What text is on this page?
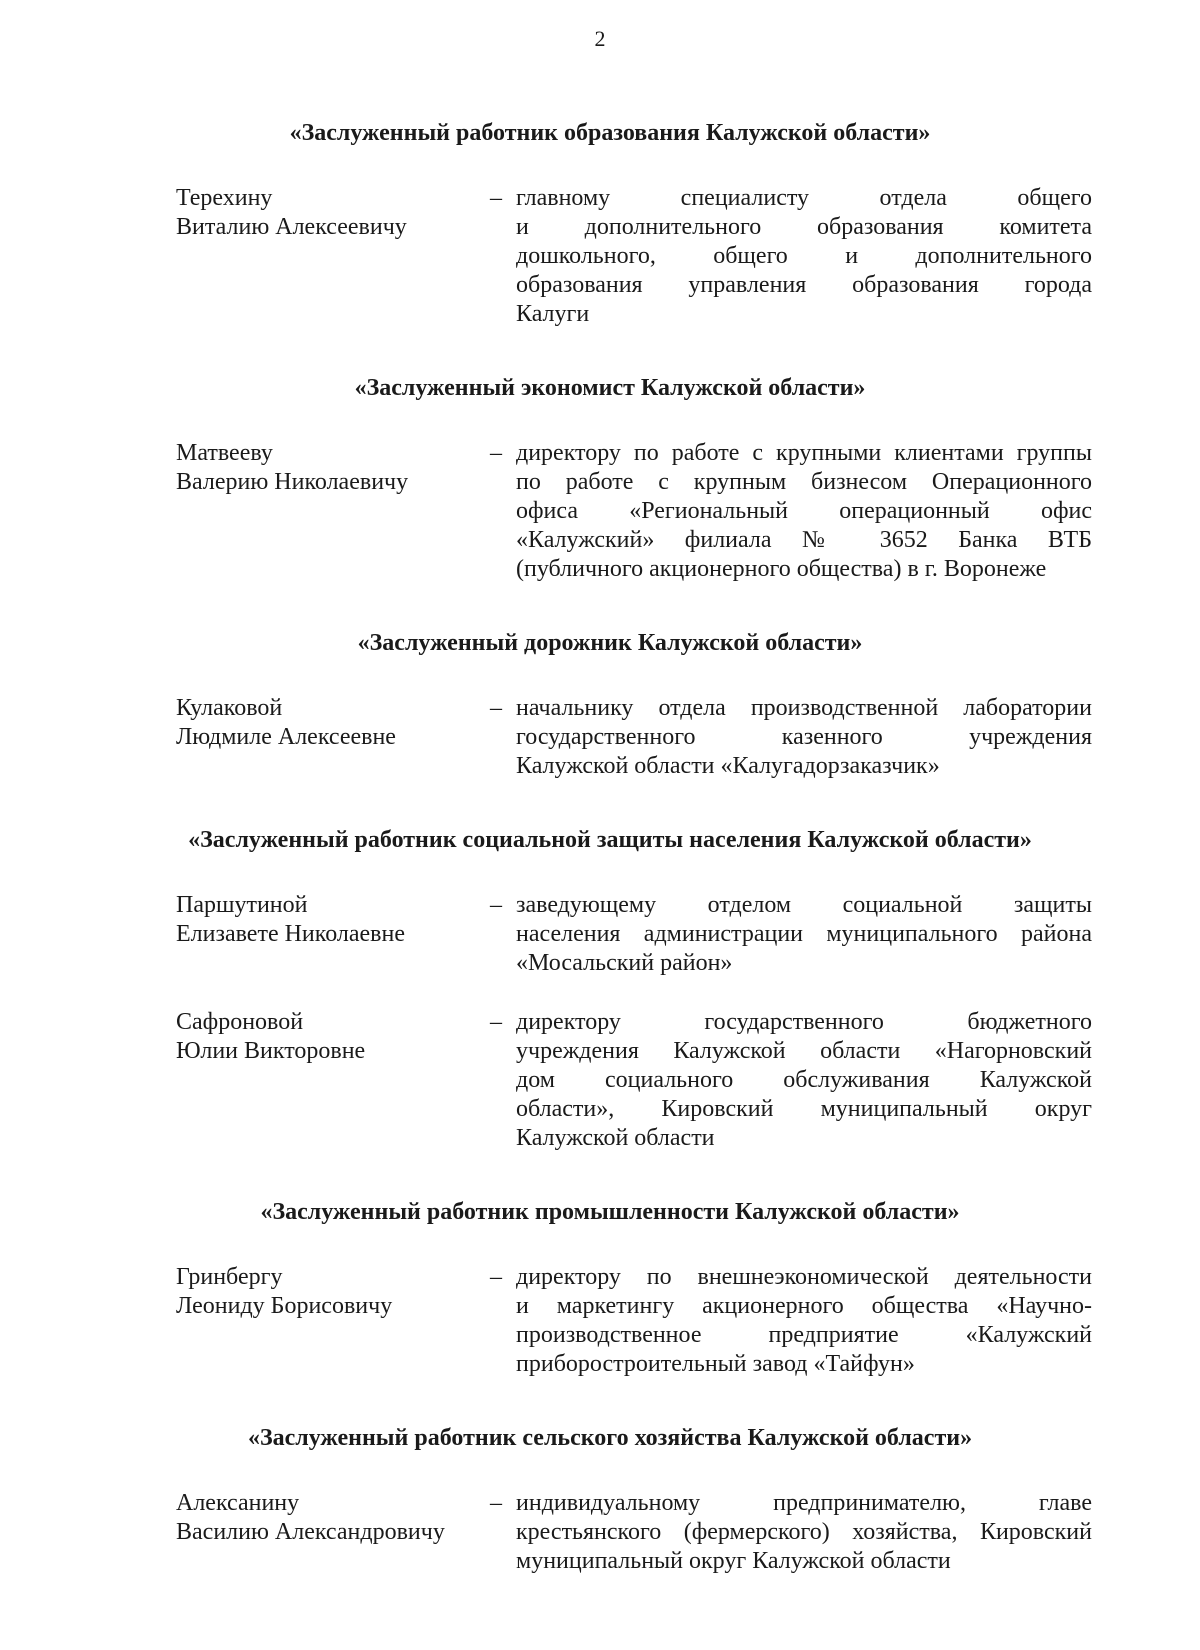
2
«Заслуженный работник образования Калужской области»
Терехину
Виталию Алексеевичу
– главному специалисту отдела общего
и дополнительного образования комитета
дошкольного, общего и дополнительного
образования управления образования города
Калуги
«Заслуженный экономист Калужской области»
Матвееву
Валерию Николаевичу
– директору по работе с крупными клиентами группы
по работе с крупным бизнесом Операционного
офиса «Региональный операционный офис
«Калужский» филиала № 3652 Банка ВТБ
(публичного акционерного общества) в г. Воронеже
«Заслуженный дорожник Калужской области»
Кулаковой
Людмиле Алексеевне
– начальнику отдела производственной лаборатории
государственного казенного учреждения
Калужской области «Калугадорзаказчик»
«Заслуженный работник социальной защиты населения Калужской области»
Паршутиной
Елизавете Николаевне
– заведующему отделом социальной защиты
населения администрации муниципального района
«Мосальский район»
Сафроновой
Юлии Викторовне
– директору государственного бюджетного
учреждения Калужской области «Нагорновский
дом социального обслуживания Калужской
области», Кировский муниципальный округ
Калужской области
«Заслуженный работник промышленности Калужской области»
Гринбергу
Леониду Борисовичу
– директору по внешнеэкономической деятельности
и маркетингу акционерного общества «Научно-
производственное предприятие «Калужский
приборостроительный завод «Тайфун»
«Заслуженный работник сельского хозяйства Калужской области»
Алексанину
Василию Александровичу
– индивидуальному предпринимателю, главе
крестьянского (фермерского) хозяйства, Кировский
муниципальный округ Калужской области
